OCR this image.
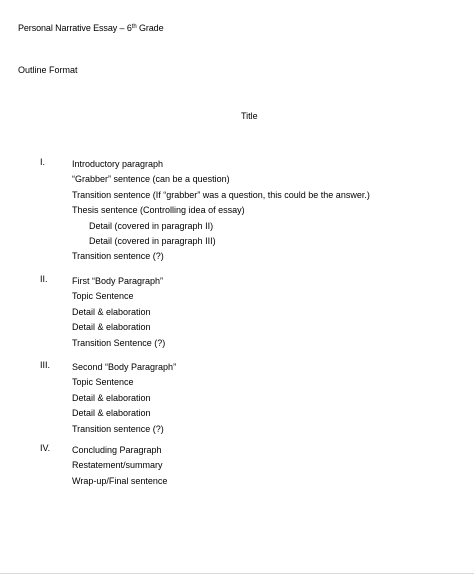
Personal Narrative Essay – 6th Grade
Outline Format
Title
I.	Introductory paragraph
“Grabber” sentence (can be a question)
Transition sentence (If “grabber” was a question, this could be the answer.)
Thesis sentence (Controlling idea of essay)
Detail (covered in paragraph II)
Detail (covered in paragraph III)
Transition sentence (?)
II.	First “Body Paragraph”
Topic Sentence
Detail & elaboration
Detail & elaboration
Transition Sentence (?)
III. Second “Body Paragraph”
Topic Sentence
Detail & elaboration
Detail & elaboration
Transition sentence (?)
IV. Concluding Paragraph
Restatement/summary
Wrap-up/Final sentence
